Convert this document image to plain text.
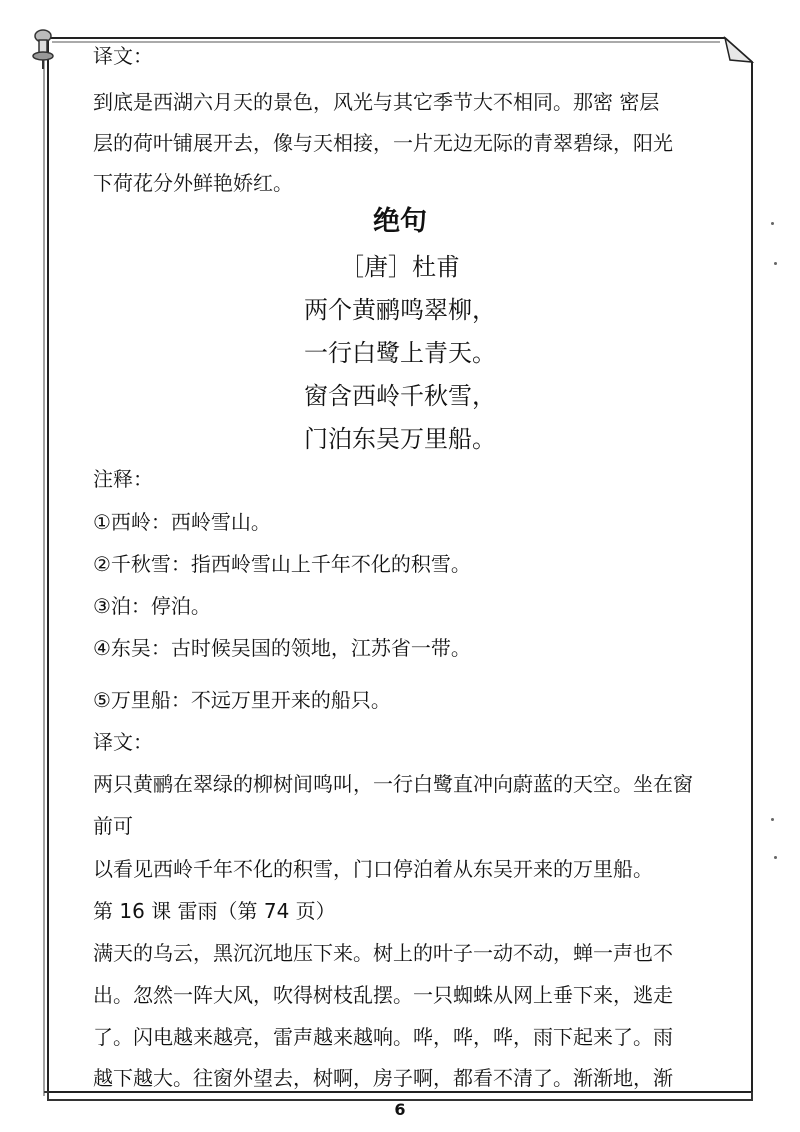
译文：
到底是西湖六月天的景色，风光与其它季节大不相同。那密 密层
层的荷叶铺展开去，像与天相接，一片无边无际的青翠碧绿，阳光
下荷花分外鲜艳娇红。
绝句
［唐］杜甫
两个黄鹂鸣翠柳，
一行白鹭上青天。
窗含西岭千秋雪，
门泊东吴万里船。
注释：
①西岭：西岭雪山。
②千秋雪：指西岭雪山上千年不化的积雪。
③泊：停泊。
④东吴：古时候吴国的领地，江苏省一带。
⑤万里船：不远万里开来的船只。
译文：
两只黄鹂在翠绿的柳树间鸣叫，一行白鹭直冲向蔚蓝的天空。坐在窗
前可
以看见西岭千年不化的积雪，门口停泊着从东吴开来的万里船。
第 16 课 雷雨（第 74 页）
满天的乌云，黑沉沉地压下来。树上的叶子一动不动，蝉一声也不
出。忽然一阵大风，吹得树枝乱摆。一只蜘蛛从网上垂下来，逃走
了。闪电越来越亮，雷声越来越响。哗，哗，哗，雨下起来了。雨
越下越大。往窗外望去，树啊，房子啊，都看不清了。渐渐地，渐
6
